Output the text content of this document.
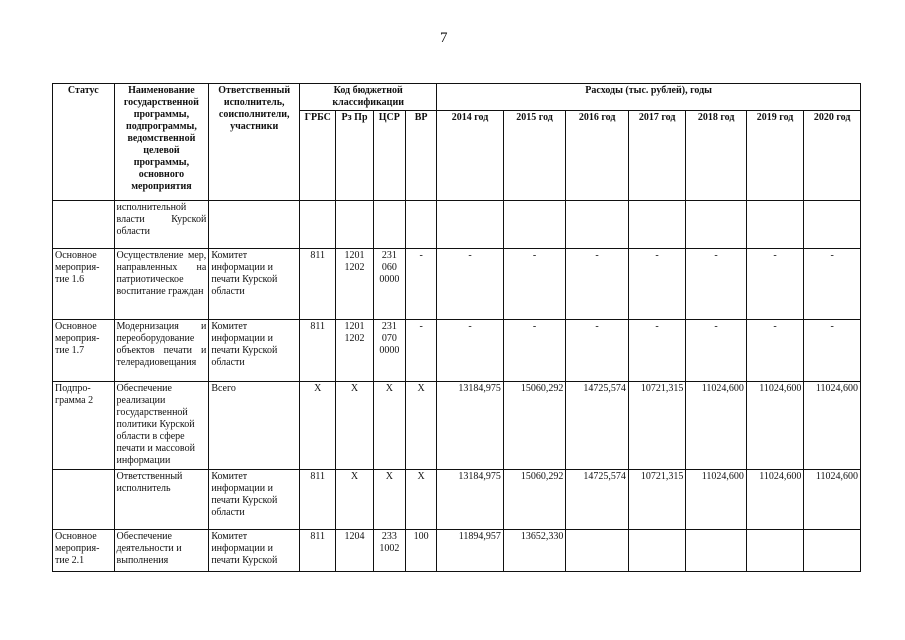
7
Статус	Наименование государственной программы, подпрограммы, ведомственной целевой программы, основного мероприятия	Ответственный исполнитель, соисполнители, участники	Код бюджетной классификации				Расходы (тыс. рублей), годы						
			ГРБС	Рз Пр	ЦСР	ВР	2014 год	2015 год	2016 год	2017 год	2018 год	2019 год	2020 год
	исполнительной власти Курской области												
Основное мероприя-тие 1.6	Осуществление мер, направленных на патриотическое воспитание граждан	Комитет информации и печати Курской области	811	1201 1202	231 060 0000	-	-	-	-	-	-	-	-
Основное мероприя-тие 1.7	Модернизация и переоборудование объектов печати и телерадиовещания	Комитет информации и печати Курской области	811	1201 1202	231 070 0000	-	-	-	-	-	-	-	-
Подпро-грамма 2	Обеспечение реализации государственной политики Курской области в сфере печати и массовой информации	Всего	X	X	X	X	13184,975	15060,292	14725,574	10721,315	11024,600	11024,600	11024,600
	Ответственный исполнитель	Комитет информации и печати Курской области	811	X	X	X	13184,975	15060,292	14725,574	10721,315	11024,600	11024,600	11024,600
Основное мероприя-тие 2.1	Обеспечение деятельности и выполнения	Комитет информации и печати Курской	811	1204	233 1002	100	11894,957	13652,330					
